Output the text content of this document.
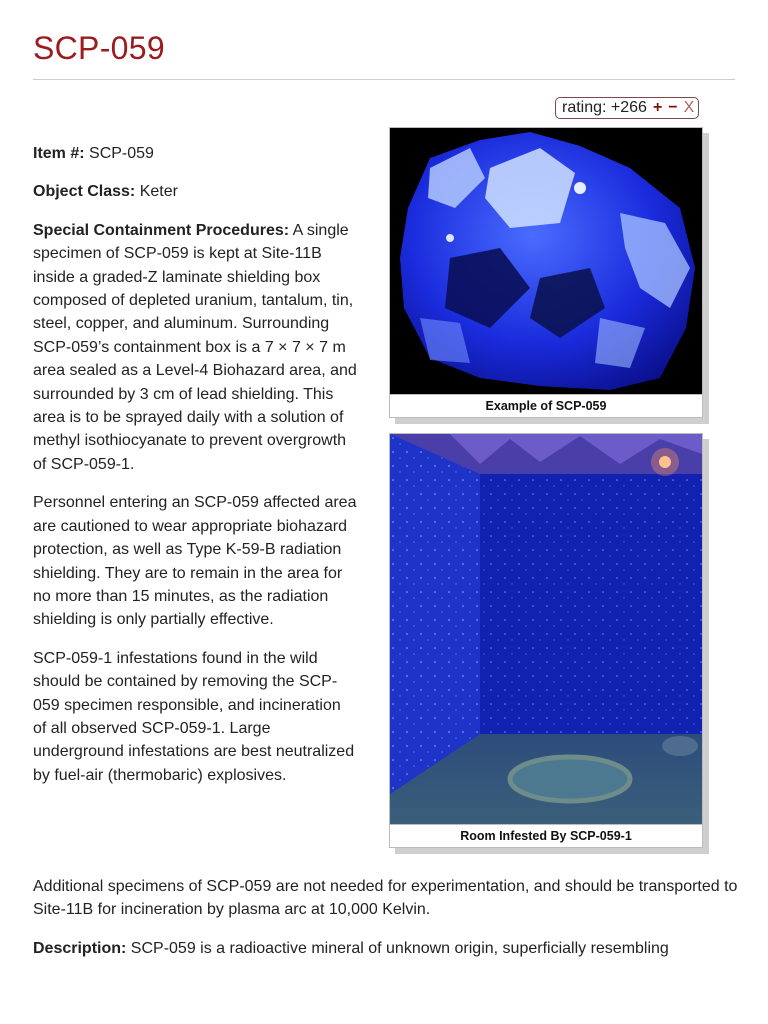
SCP-059
rating: +266 + − X

Item #: SCP-059

Object Class: Keter

Special Containment Procedures: A single specimen of SCP-059 is kept at Site-11B inside a graded-Z laminate shielding box composed of depleted uranium, tantalum, tin, steel, copper, and aluminum. Surrounding SCP-059’s containment box is a 7 × 7 × 7 m area sealed as a Level-4 Biohazard area, and surrounded by 3 cm of lead shielding. This area is to be sprayed daily with a solution of methyl isothiocyanate to prevent overgrowth of SCP-059-1.

Personnel entering an SCP-059 affected area are cautioned to wear appropriate biohazard protection, as well as Type K-59-B radiation shielding. They are to remain in the area for no more than 15 minutes, as the radiation shielding is only partially effective.

SCP-059-1 infestations found in the wild should be contained by removing the SCP-059 specimen responsible, and incineration of all observed SCP-059-1. Large underground infestations are best neutralized by fuel-air (thermobaric) explosives.

Additional specimens of SCP-059 are not needed for experimentation, and should be transported to Site-11B for incineration by plasma arc at 10,000 Kelvin.

Description: SCP-059 is a radioactive mineral of unknown origin, superficially resembling

Example of SCP-059
Room Infested By SCP-059-1
